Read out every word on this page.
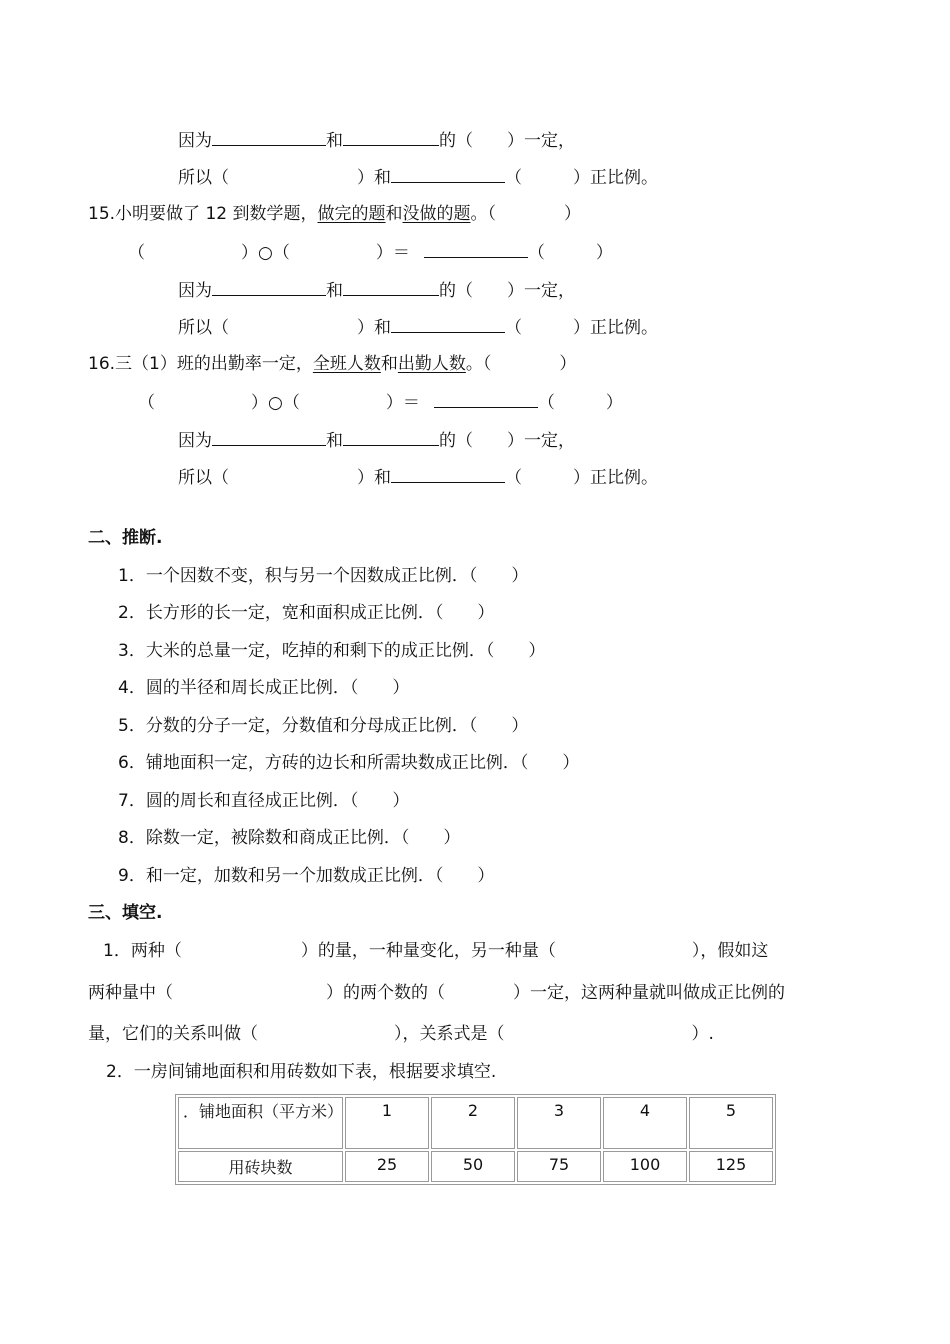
因为	和	的（　　）一定，
所以（	）和	（　　　）正比例。
15.小明要做了 12 到数学题，做完的题和没做的题。（　　　　）
（	）○（	）＝	（　　　）
因为	和	的（　　）一定，
所以（	）和	（　　　）正比例。
16.三（1）班的出勤率一定，全班人数和出勤人数。（　　　　）
（	）○（	）＝	（　　　）
因为	和	的（　　）一定，
所以（	）和	（　　　）正比例。
二、推断.
1．一个因数不变，积与另一个因数成正比例．（　　）
2．长方形的长一定，宽和面积成正比例．（　　）
3．大米的总量一定，吃掉的和剩下的成正比例．（　　）
4．圆的半径和周长成正比例．（　　）
5．分数的分子一定，分数值和分母成正比例．（　　）
6．铺地面积一定，方砖的边长和所需块数成正比例．（　　）
7．圆的周长和直径成正比例．（　　）
8．除数一定，被除数和商成正比例．（　　）
9．和一定，加数和另一个加数成正比例．（　　）
三、填空.
1．两种（　　　　　　　）的量，一种量变化，另一种量（　　　　　　　　），假如这
两种量中（　　　　　　　　　）的两个数的（　　　　）一定，这两种量就叫做成正比例的
量，它们的关系叫做（　　　　　　　　），关系式是（　　　　　　　　　　　）.
2．一房间铺地面积和用砖数如下表，根据要求填空.
．铺地面积（平方米）	1	2	3	4	5
用砖块数	25	50	75	100	125
